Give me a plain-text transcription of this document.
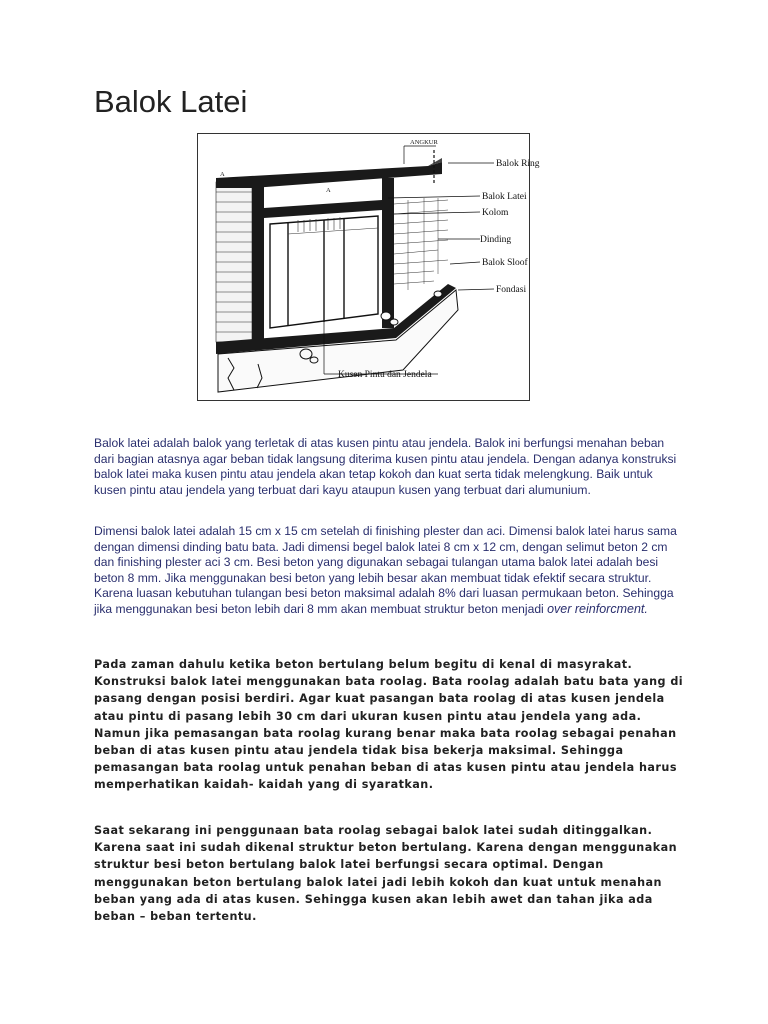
Balok Latei
ANGKUR
Balok Ring
Balok Latei
Kolom
Dinding
Balok Sloof
Fondasi
Kusen Pintu dan Jendela
A
A

Balok latei adalah balok yang terletak di atas kusen pintu atau jendela. Balok ini berfungsi menahan beban dari bagian atasnya agar beban tidak langsung diterima kusen pintu atau jendela. Dengan adanya konstruksi balok latei maka kusen pintu atau jendela akan tetap kokoh dan kuat serta tidak melengkung. Baik untuk kusen pintu atau jendela yang terbuat dari kayu ataupun kusen yang terbuat dari alumunium.

Dimensi balok latei adalah 15 cm x 15 cm setelah di finishing plester dan aci. Dimensi balok latei harus sama dengan dimensi dinding batu bata. Jadi dimensi begel balok latei 8 cm x 12 cm, dengan selimut beton 2 cm dan finishing plester aci 3 cm. Besi beton yang digunakan sebagai tulangan utama balok latei adalah besi beton 8 mm. Jika menggunakan besi beton yang lebih besar akan membuat tidak efektif secara struktur. Karena luasan kebutuhan tulangan besi beton maksimal adalah 8% dari luasan permukaan beton. Sehingga jika menggunakan besi beton lebih dari 8 mm akan membuat struktur beton menjadi over reinforcment.

Pada zaman dahulu ketika beton bertulang belum begitu di kenal di masyrakat. Konstruksi balok latei menggunakan bata roolag. Bata roolag adalah batu bata yang di pasang dengan posisi berdiri. Agar kuat pasangan bata roolag di atas kusen jendela atau pintu di pasang lebih 30 cm dari ukuran kusen pintu atau jendela yang ada. Namun jika pemasangan bata roolag kurang benar maka bata roolag sebagai penahan beban di atas kusen pintu atau jendela tidak bisa bekerja maksimal. Sehingga pemasangan bata roolag untuk penahan beban di atas kusen pintu atau jendela harus memperhatikan kaidah- kaidah yang di syaratkan.

Saat sekarang ini penggunaan bata roolag sebagai balok latei sudah ditinggalkan. Karena saat ini sudah dikenal struktur beton bertulang. Karena dengan menggunakan struktur besi beton bertulang balok latei berfungsi secara optimal. Dengan menggunakan beton bertulang balok latei jadi lebih kokoh dan kuat untuk menahan beban yang ada di atas kusen. Sehingga kusen akan lebih awet dan tahan jika ada beban – beban tertentu.
